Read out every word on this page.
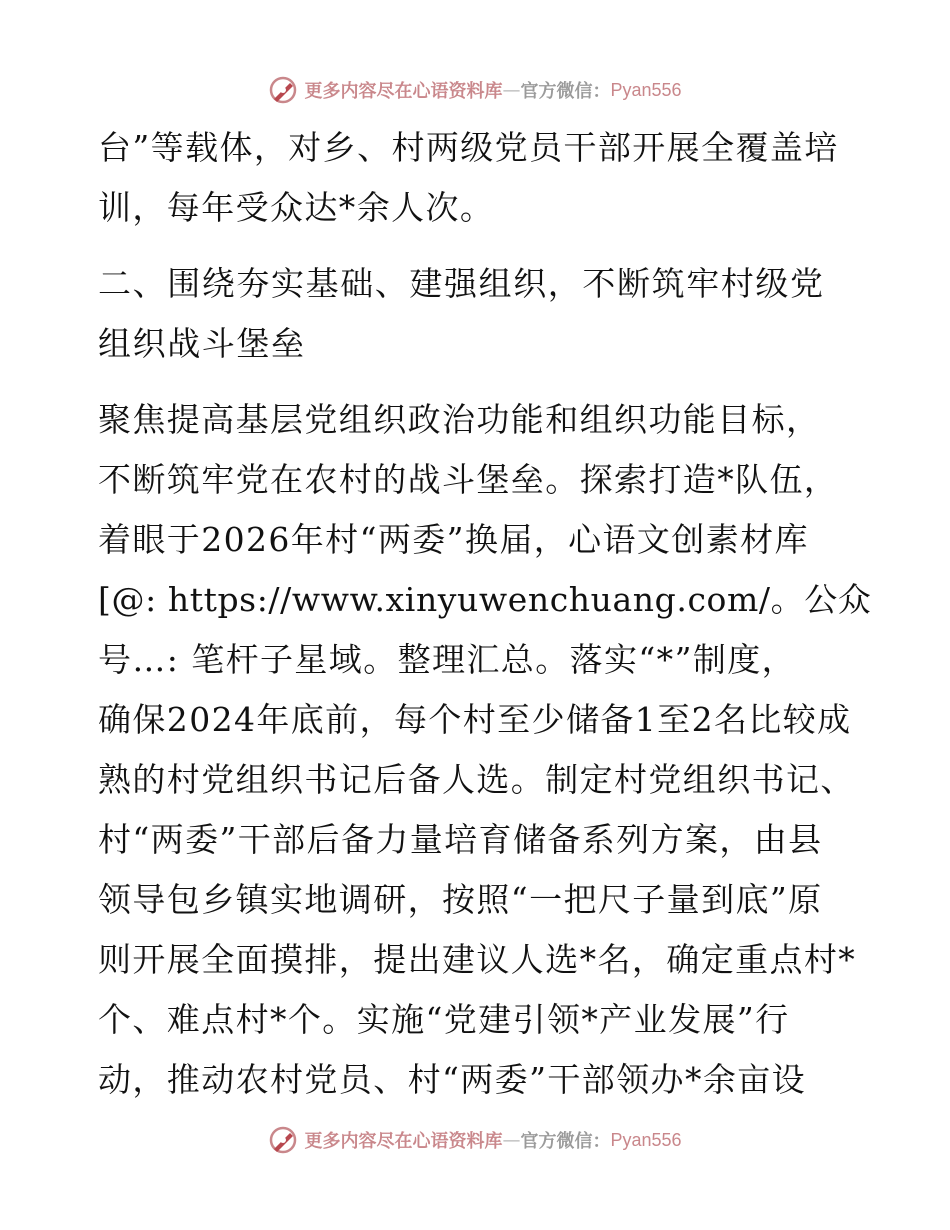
更多内容尽在心语资料库 — 官方微信： Pyan556
台”等载体，对乡、村两级党员干部开展全覆盖培
训，每年受众达*余人次。
二、围绕夯实基础、建强组织，不断筑牢村级党
组织战斗堡垒
聚焦提高基层党组织政治功能和组织功能目标，
不断筑牢党在农村的战斗堡垒。探索打造*队伍，
着眼于2026年村“两委”换届，心语文创素材库
[@: https://www.xinyuwenchuang.com/。公众
号…: 笔杆子星域。整理汇总。落实“*”制度，
确保2024年底前，每个村至少储备1至2名比较成
熟的村党组织书记后备人选。制定村党组织书记、
村“两委”干部后备力量培育储备系列方案，由县
领导包乡镇实地调研，按照“一把尺子量到底”原
则开展全面摸排，提出建议人选*名，确定重点村*
个、难点村*个。实施“党建引领*产业发展”行
动，推动农村党员、村“两委”干部领办*余亩设
更多内容尽在心语资料库 — 官方微信： Pyan556
